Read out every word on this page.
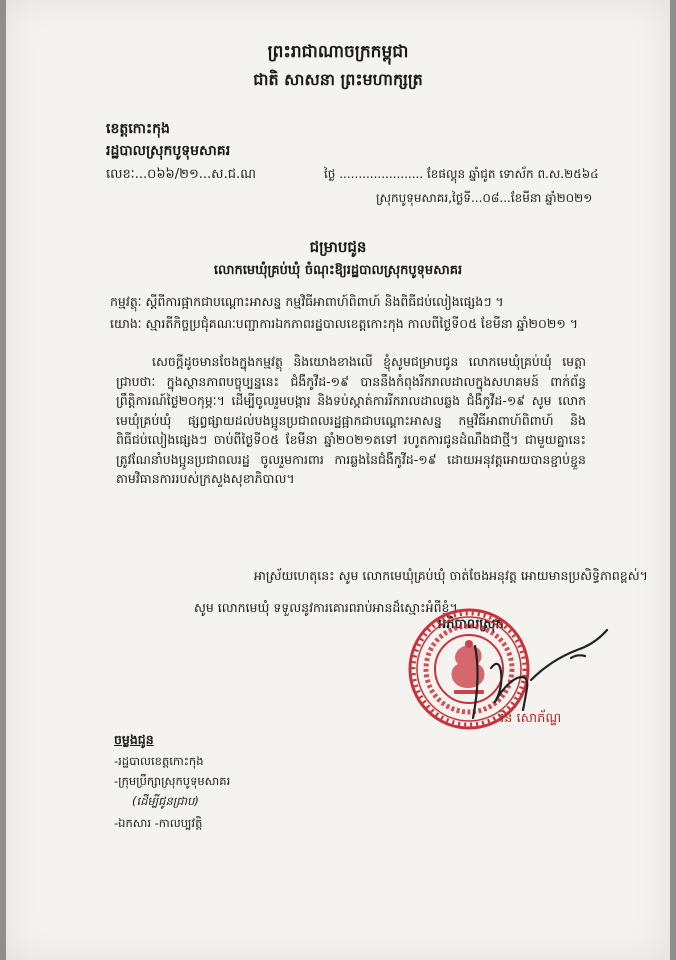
ព្រះរាជាណាចក្រកម្ពុជា
ជាតិ សាសនា ព្រះមហាក្សត្រ
ខេត្តកោះកុង
រដ្ឋបាលស្រុកបូទុមសាគរ
លេខៈ...០៦៦/២១...ស.ជ.ណ	ថ្ងៃ ...................... ខែផល្គុន ឆ្នាំជូត ទោស័ក ព.ស.២៥៦៤
ស្រុកបូទុមសាគរ,ថ្ងៃទី...០៨...ខែមីនា ឆ្នាំ២០២១
ជម្រាបជូន
លោកមេឃុំគ្រប់ឃុំ ចំណុះឱ្យរដ្ឋបាលស្រុកបូទុមសាគរ
កម្មវត្ថុៈ ស្តីពីការផ្អាកជាបណ្តោះអាសន្ន កម្មវិធីអាពាហ៍ពិពាហ៍ និងពិធីជប់លៀងផ្សេងៗ ។
យោងៈ ស្មារតីកិច្ចប្រជុំគណៈបញ្ជាការឯកភាពរដ្ឋបាលខេត្តកោះកុង កាលពីថ្ងៃទី០៥ ខែមីនា ឆ្នាំ២០២១ ។

សេចក្តីដូចមានចែងក្នុងកម្មវត្ថុ និងយោងខាងលើ ខ្ញុំសូមជម្រាបជូន លោកមេឃុំគ្រប់ឃុំ មេត្តាជ្រាបថាៈ ក្នុងស្ថានភាពបច្ចុប្បន្ននេះ ជំងឺកូវីដ-១៩ បាននឹងកំពុងរីករាលដាលក្នុងសហគមន៍ ពាក់ព័ន្ធព្រឹត្តិការណ៍ថ្ងៃ២០កុម្ភៈ។ ដើម្បីចូលរួមបង្ការ និងទប់ស្កាត់ការរីករាលដាលឆ្លង ជំងឺកូវីដ-១៩ សូម លោកមេឃុំគ្រប់ឃុំ ផ្សព្វផ្សាយដល់បងប្អូនប្រជាពលរដ្ឋផ្អាកជាបណ្តោះអាសន្ន កម្មវិធីអាពាហ៍ពិពាហ៍ និងពិធីជប់លៀងផ្សេងៗ ចាប់ពីថ្ងៃទី០៥ ខែមីនា ឆ្នាំ២០២១តទៅ រហូតការជូនដំណឹងជាថ្មី។ ជាមួយគ្នានេះ ត្រូវណែនាំបងប្អូនប្រជាពលរដ្ឋ ចូលរួមការពារ ការឆ្លងនៃជំងឺកូវីដ-១៩ ដោយអនុវត្តអោយបានខ្ជាប់ខ្ជួន តាមវិធានការរបស់ក្រសួងសុខាភិបាល។

អាស្រ័យហេតុនេះ សូម លោកមេឃុំគ្រប់ឃុំ ចាត់ចែងអនុវត្ត អោយមានប្រសិទ្ធិភាពខ្ពស់។
សូម លោកមេឃុំ ទទួលនូវការគោរពរាប់អានដ៏ស្មោះអំពីខ្ញុំ។
អភិបាលស្រុក
រិន សោភ័ណ្ឌ
ចម្លងជូន
-រដ្ឋបាលខេត្តកោះកុង
-ក្រុមប្រឹក្សាស្រុកបូទុមសាគរ
(ដើម្បីជូនជ្រាប)
-ឯកសារ -កាលប្បវត្តិ
